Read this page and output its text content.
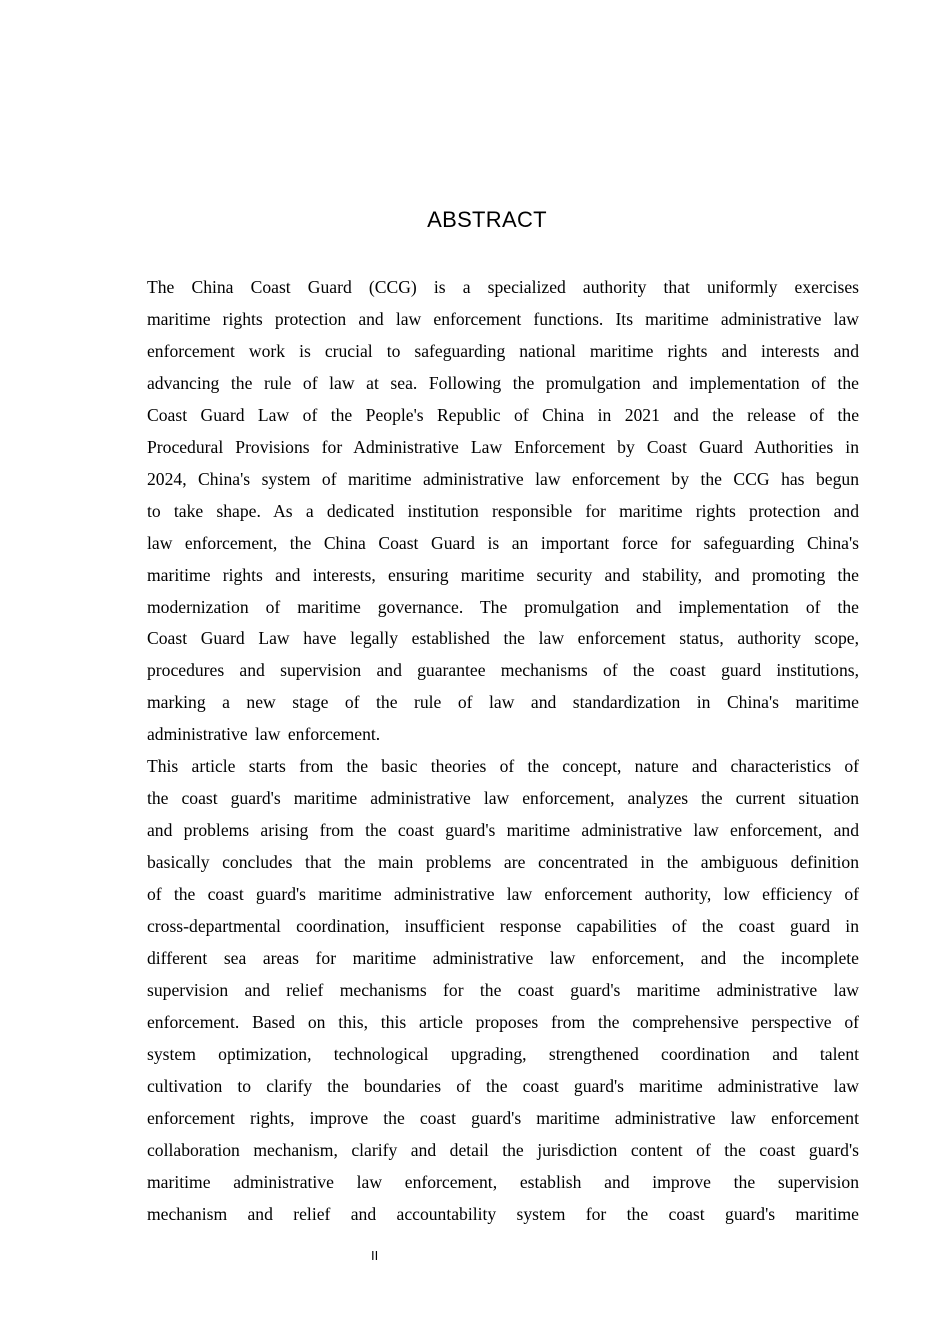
ABSTRACT
The China Coast Guard (CCG) is a specialized authority that uniformly exercises
maritime rights protection and law enforcement functions. Its maritime administrative law
enforcement work is crucial to safeguarding national maritime rights and interests and
advancing the rule of law at sea. Following the promulgation and implementation of the
Coast Guard Law of the People's Republic of China in 2021 and the release of the
Procedural Provisions for Administrative Law Enforcement by Coast Guard Authorities in
2024, China's system of maritime administrative law enforcement by the CCG has begun
to take shape. As a dedicated institution responsible for maritime rights protection and
law enforcement, the China Coast Guard is an important force for safeguarding China's
maritime rights and interests, ensuring maritime security and stability, and promoting the
modernization of maritime governance. The promulgation and implementation of the
Coast Guard Law have legally established the law enforcement status, authority scope,
procedures and supervision and guarantee mechanisms of the coast guard institutions,
marking a new stage of the rule of law and standardization in China's maritime
administrative law enforcement.
This article starts from the basic theories of the concept, nature and characteristics of
the coast guard's maritime administrative law enforcement, analyzes the current situation
and problems arising from the coast guard's maritime administrative law enforcement, and
basically concludes that the main problems are concentrated in the ambiguous definition
of the coast guard's maritime administrative law enforcement authority, low efficiency of
cross-departmental coordination, insufficient response capabilities of the coast guard in
different sea areas for maritime administrative law enforcement, and the incomplete
supervision and relief mechanisms for the coast guard's maritime administrative law
enforcement. Based on this, this article proposes from the comprehensive perspective of
system optimization, technological upgrading, strengthened coordination and talent
cultivation to clarify the boundaries of the coast guard's maritime administrative law
enforcement rights, improve the coast guard's maritime administrative law enforcement
collaboration mechanism, clarify and detail the jurisdiction content of the coast guard's
maritime administrative law enforcement, establish and improve the supervision
mechanism and relief and accountability system for the coast guard's maritime
II
